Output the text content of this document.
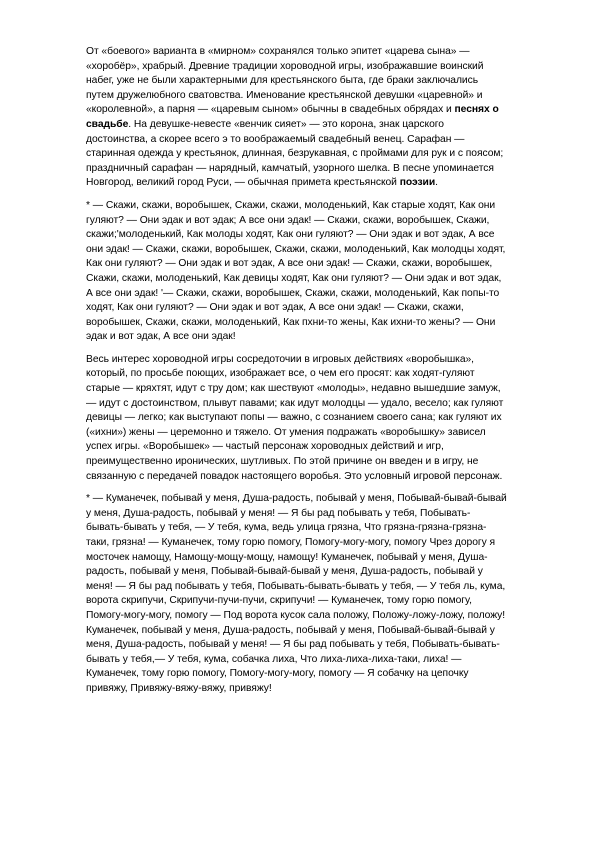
От «боевого» варианта в «мирном» сохранялся только эпитет «царева сына» — «хоробёр», храбрый. Древние традиции хороводной игры, изображавшие воинский набег, уже не были характерными для крестьянского быта, где браки заключались путем дружелюбного сватовства. Именование крестьянской девушки «царевной» и «королевной», а парня — «царевым сыном» обычны в свадебных обрядах и песнях о свадьбе. На девушке-невесте «венчик сияет» — это корона, знак царского достоинства, а скорее всего э то воображаемый свадебный венец. Сарафан — старинная одежда у крестьянок, длинная, безрукавная, с проймами для рук и с поясом; праздничный сарафан — нарядный, камчатый, узорного шелка. В песне упоминается Новгород, великий город Руси, — обычная примета крестьянской поэзии.

* — Скажи, скажи, воробышек, Скажи, скажи, молоденький, Как старые ходят, Как они гуляют? — Они эдак и вот эдак; А все они эдак! — Скажи, скажи, воробышек, Скажи, скажи;'молоденький, Как молоды ходят, Как они гуляют? — Они эдак и вот эдак, А все они эдак! — Скажи, скажи, воробышек, Скажи, скажи, молоденький, Как молодцы ходят, Как они гуляют? — Они эдак и вот эдак, А все они эдак! — Скажи, скажи, воробышек, Скажи, скажи, молоденький, Как девицы ходят, Как они гуляют? — Они эдак и вот эдак, А все они эдак! '— Скажи, скажи, воробышек, Скажи, скажи, молоденький, Как попы-то ходят, Как они гуляют? — Они эдак и вот эдак, А все они эдак! — Скажи, скажи, воробышек, Скажи, скажи, молоденький, Как пхни-то жены, Как ихни-то жены? — Они эдак и вот эдак, А все они эдак!

Весь интерес хороводной игры сосредоточии в игровых действиях «воробышка», который, по просьбе поющих, изображает все, о чем его просят: как ходят-гуляют старые — кряхтят, идут с тру дом; как шествуют «молоды», недавно вышедшие замуж, — идут с достоинством, плывут павами; как идут молодцы — удало, весело; как гуляют девицы — легко; как выступают попы — важно, с сознанием своего сана; как гуляют их («ихни») жены — церемонно и тяжело. От умения подражать «воробышку» зависел успех игры. «Воробышек» — частый персонаж хороводных действий и игр, преимущественно иронических, шутливых. По этой причине он введен и в игру, не связанную с передачей повадок настоящего воробья. Это условный игровой персонаж.

* — Куманечек, побывай у меня, Душа-радость, побывай у меня, Побывай-бывай-бывай у меня, Душа-радость, побывай у меня! — Я бы рад побывать у тебя, Побывать-бывать-бывать у тебя, — У тебя, кума, ведь улица грязна, Что грязна-грязна-грязна-таки, грязна! — Куманечек, тому горю помогу, Помогу-могу-могу, помогу Чрез дорогу я мосточек намощу, Намощу-мощу-мощу, намощу! Куманечек, побывай у меня, Душа-радость, побывай у меня, Побывай-бывай-бывай у меня, Душа-радость, побывай у меня! — Я бы рад побывать у тебя, Побывать-бывать-бывать у тебя, — У тебя ль, кума, ворота скрипучи, Скрипучи-пучи-пучи, скрипучи! — Куманечек, тому горю помогу, Помогу-могу-могу, помогу — Под ворота кусок сала положу, Положу-ложу-ложу, положу! Куманечек, побывай у меня, Душа-радость, побывай у меня, Побывай-бывай-бывай у меня, Душа-радость, побывай у меня! — Я бы рад побывать у тебя, Побывать-бывать-бывать у тебя,— У тебя, кума, собачка лиха, Что лиха-лиха-лиха-таки, лиха! — Куманечек, тому горю помогу, Помогу-могу-могу, помогу — Я собачку на цепочку привяжу, Привяжу-вяжу-вяжу, привяжу!
